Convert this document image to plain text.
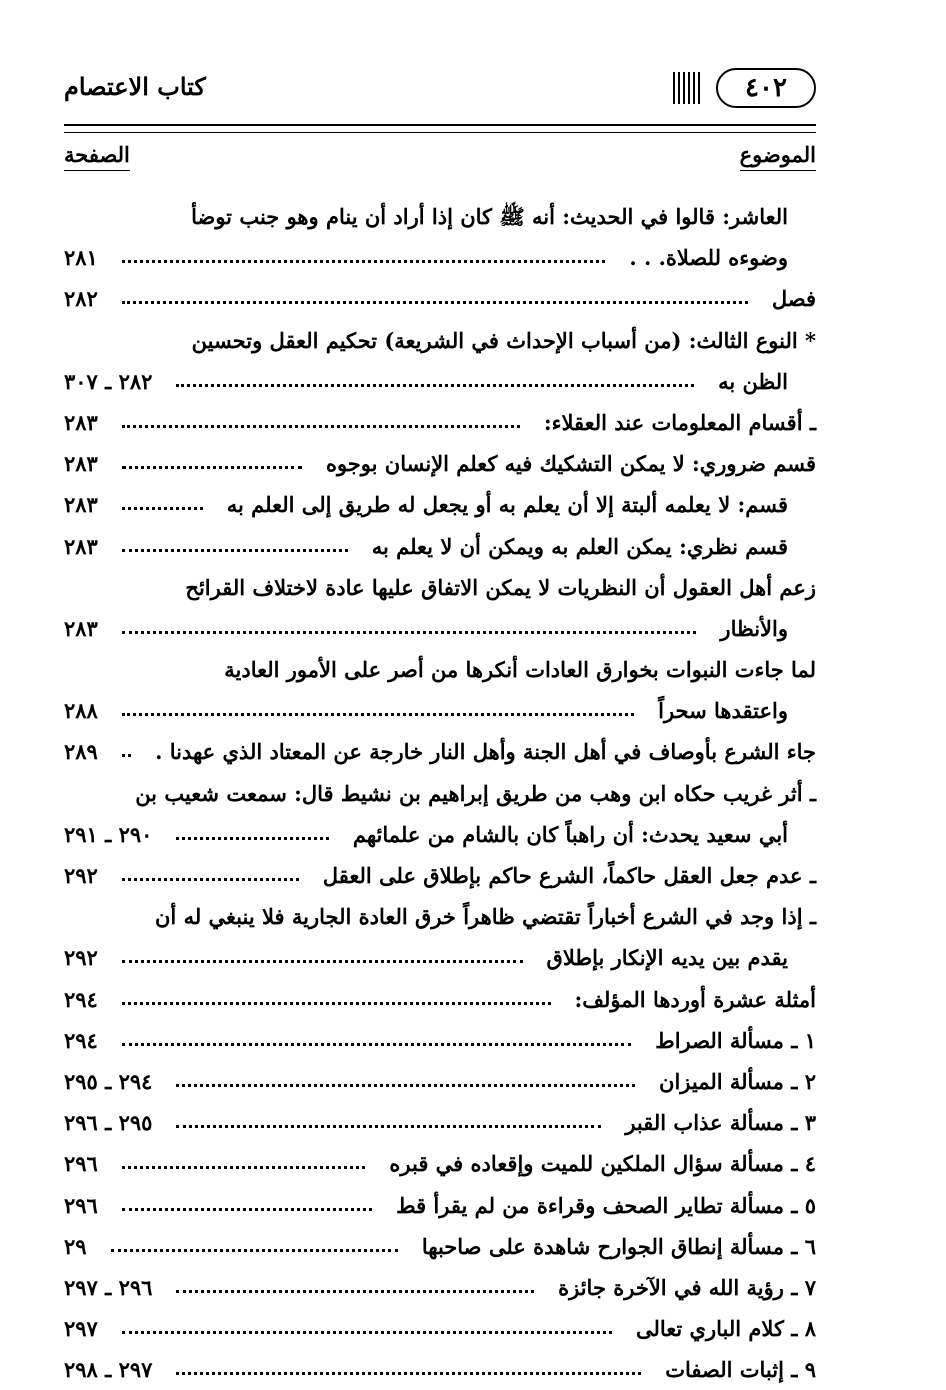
كتاب الاعتصام	٤٠٢
الموضوع
الصفحة
العاشر: قالوا في الحديث: أنه ﷺ كان إذا أراد أن ينام وهو جنب توضأ
وضوءه للصلاة. . .
٢٨١
فصل
٢٨٢
* النوع الثالث: (من أسباب الإحداث في الشريعة) تحكيم العقل وتحسين
الظن به
٢٨٢ ـ ٣٠٧
ـ أقسام المعلومات عند العقلاء:
٢٨٣
قسم ضروري: لا يمكن التشكيك فيه كعلم الإنسان بوجوه
٢٨٣
قسم: لا يعلمه ألبتة إلا أن يعلم به أو يجعل له طريق إلى العلم به
٢٨٣
قسم نظري: يمكن العلم به ويمكن أن لا يعلم به
٢٨٣
زعم أهل العقول أن النظريات لا يمكن الاتفاق عليها عادة لاختلاف القرائح
والأنظار
٢٨٣
لما جاءت النبوات بخوارق العادات أنكرها من أصر على الأمور العادية
واعتقدها سحراً
٢٨٨
جاء الشرع بأوصاف في أهل الجنة وأهل النار خارجة عن المعتاد الذي عهدنا .
٢٨٩
ـ أثر غريب حكاه ابن وهب من طريق إبراهيم بن نشيط قال: سمعت شعيب بن
أبي سعيد يحدث: أن راهباً كان بالشام من علمائهم
٢٩٠ ـ ٢٩١
ـ عدم جعل العقل حاكماً، الشرع حاكم بإطلاق على العقل
٢٩٢
ـ إذا وجد في الشرع أخباراً تقتضي ظاهراً خرق العادة الجارية فلا ينبغي له أن
يقدم بين يديه الإنكار بإطلاق
٢٩٢
أمثلة عشرة أوردها المؤلف:
٢٩٤
١ ـ مسألة الصراط
٢٩٤
٢ ـ مسألة الميزان
٢٩٤ ـ ٢٩٥
٣ ـ مسألة عذاب القبر
٢٩٥ ـ ٢٩٦
٤ ـ مسألة سؤال الملكين للميت وإقعاده في قبره
٢٩٦
٥ ـ مسألة تطاير الصحف وقراءة من لم يقرأ قط
٢٩٦
٦ ـ مسألة إنطاق الجوارح شاهدة على صاحبها
٢٩
٧ ـ رؤية الله في الآخرة جائزة
٢٩٦ ـ ٢٩٧
٨ ـ كلام الباري تعالى
٢٩٧
٩ ـ إثبات الصفات
٢٩٧ ـ ٢٩٨
